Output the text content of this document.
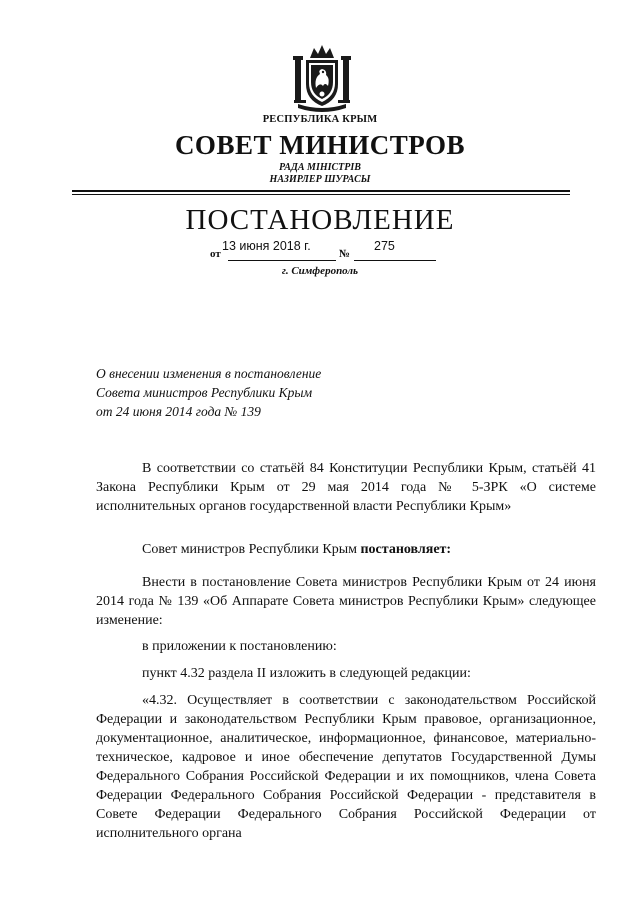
РЕСПУБЛИКА КРЫМ
СОВЕТ МИНИСТРОВ
РАДА МІНІСТРІВ
НАЗИРЛЕР ШУРАСЫ
ПОСТАНОВЛЕНИЕ
от
13 июня 2018 г.
№
275
г. Симферополь
О внесении изменения в постановление
Совета министров Республики Крым
от 24 июня 2014 года № 139
В соответствии со статьёй 84 Конституции Республики Крым, статьёй 41 Закона Республики Крым от 29 мая 2014 года № 5-ЗРК «О системе исполнительных органов государственной власти Республики Крым»
Совет министров Республики Крым постановляет:
Внести в постановление Совета министров Республики Крым от 24 июня 2014 года № 139 «Об Аппарате Совета министров Республики Крым» следующее изменение:
в приложении к постановлению:
пункт 4.32 раздела II изложить в следующей редакции:
«4.32. Осуществляет в соответствии с законодательством Российской Федерации и законодательством Республики Крым правовое, организационное, документационное, аналитическое, информационное, финансовое, материально-техническое, кадровое и иное обеспечение депутатов Государственной Думы Федерального Собрания Российской Федерации и их помощников, члена Совета Федерации Федерального Собрания Российской Федерации - представителя в Совете Федерации Федерального Собрания Российской Федерации от исполнительного органа
